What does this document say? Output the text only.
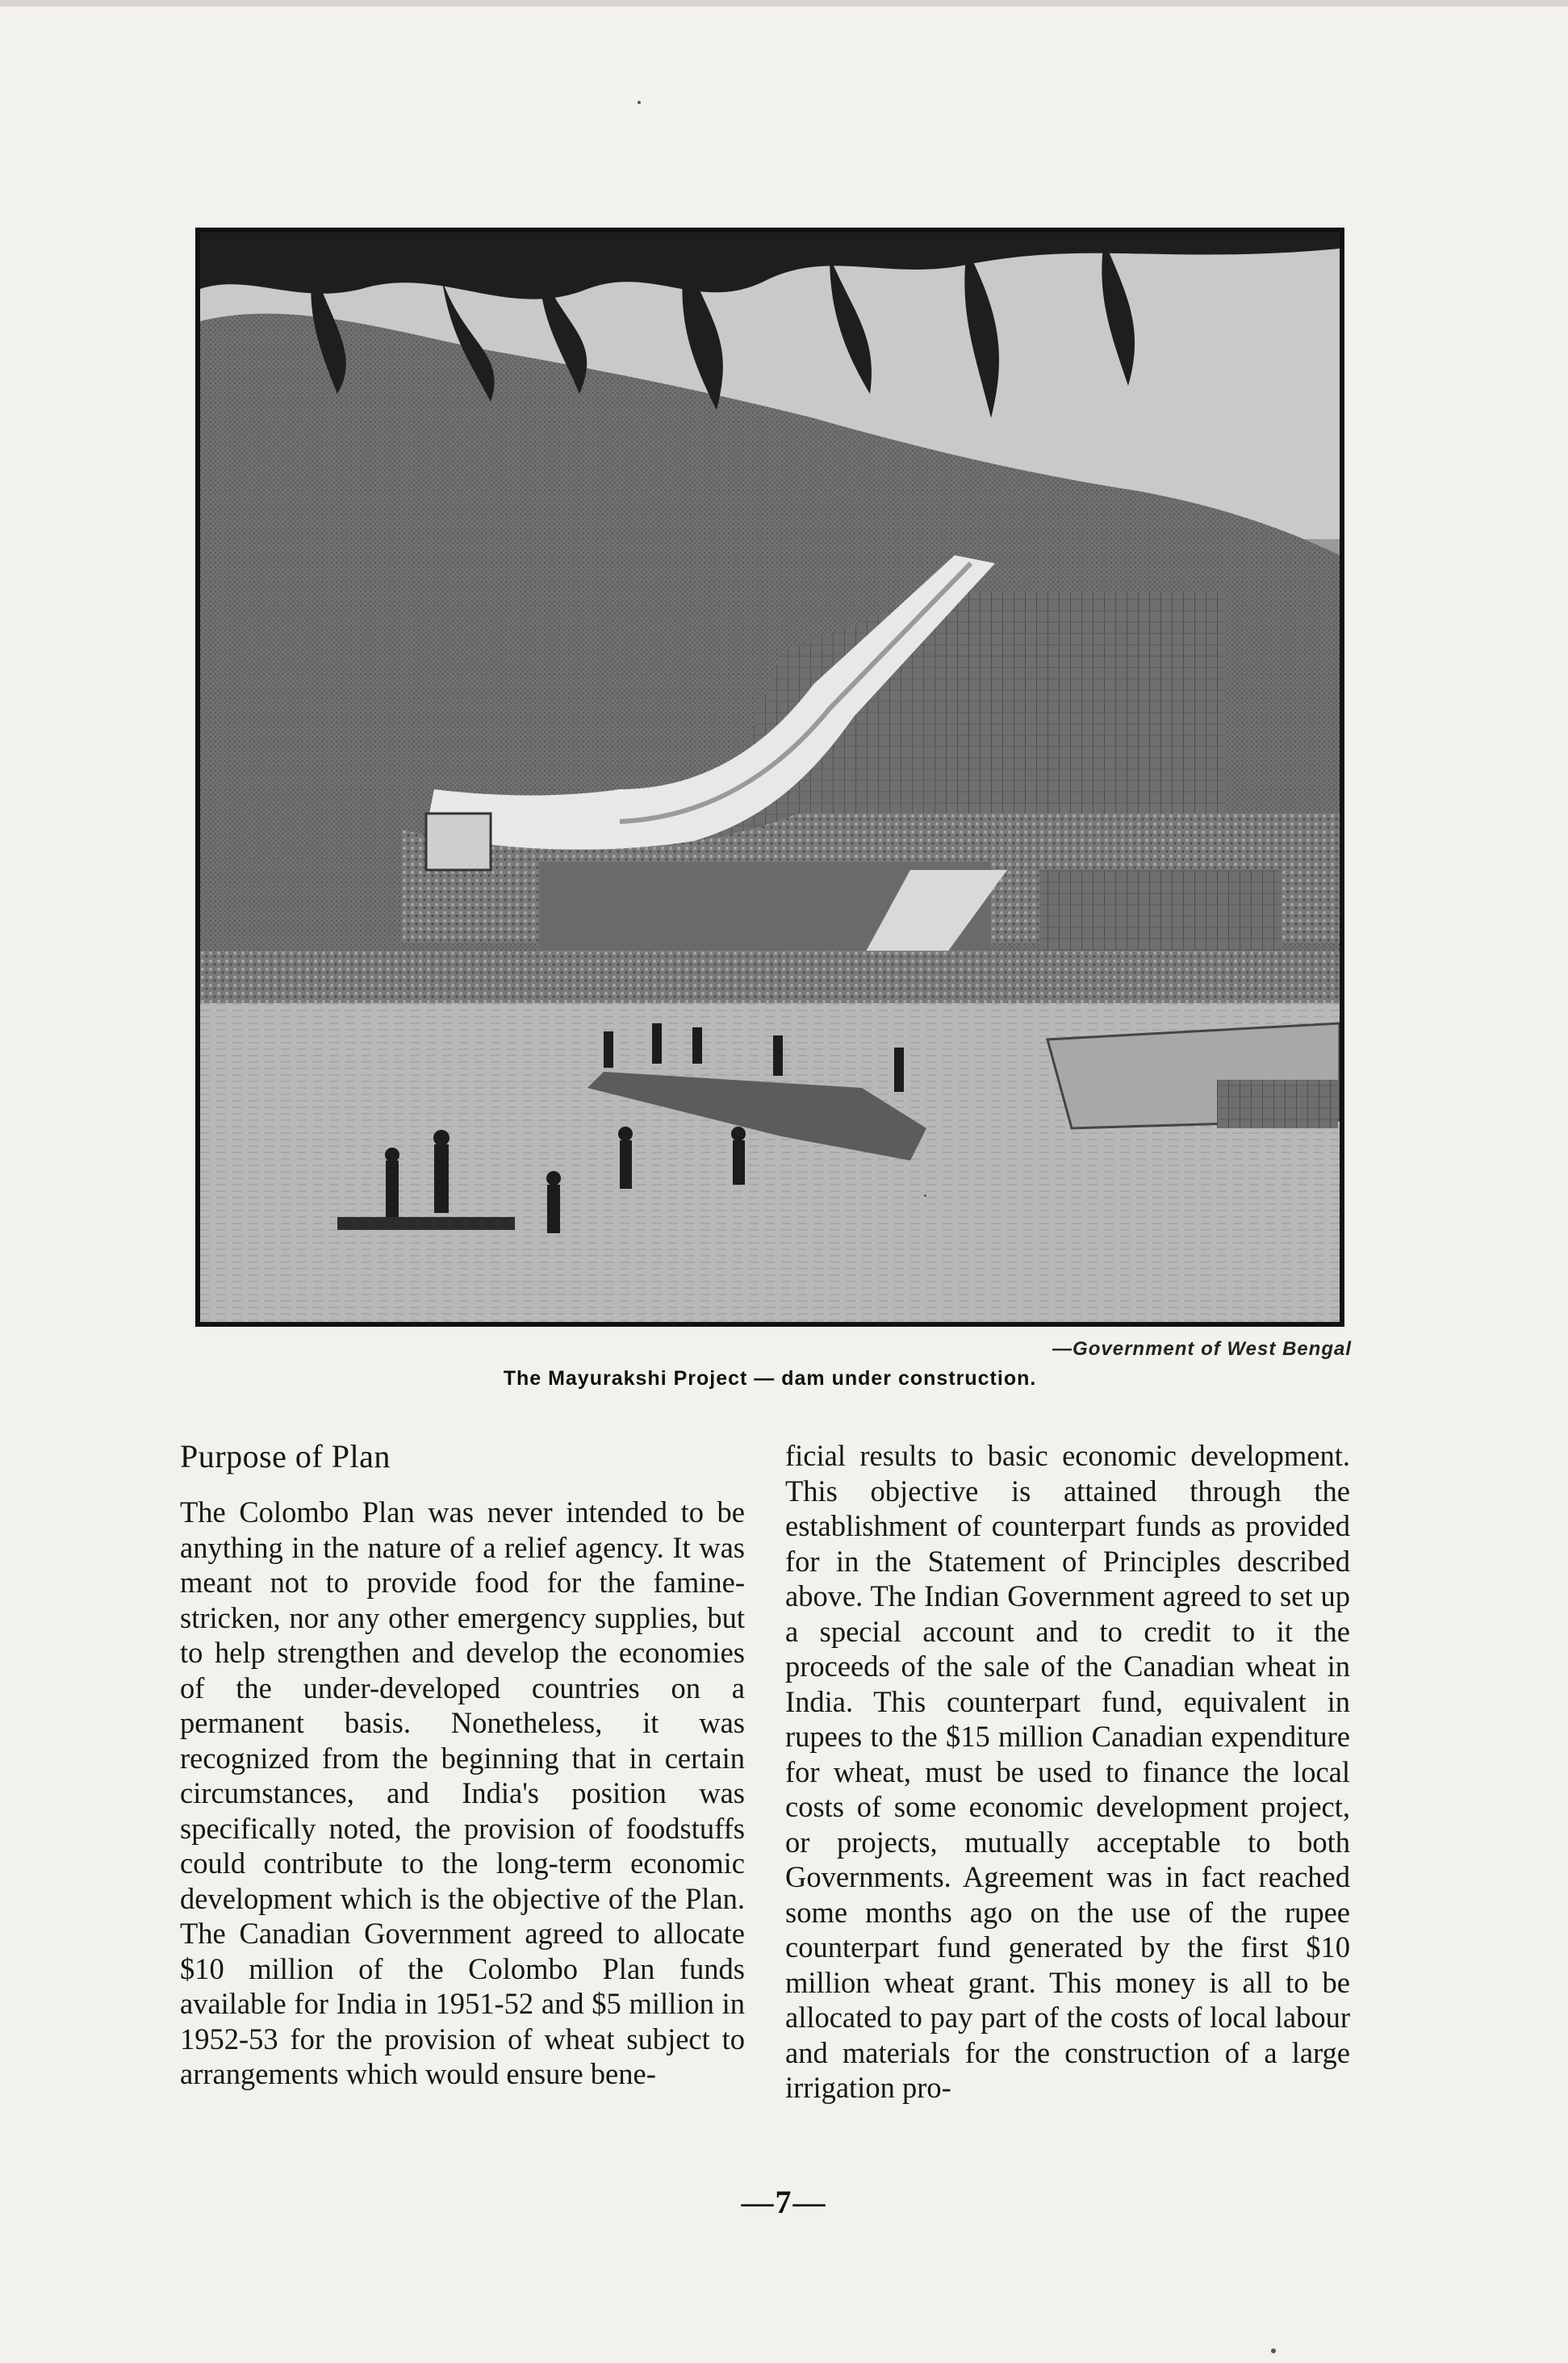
—Government of West Bengal
The Mayurakshi Project — dam under construction.
Purpose of Plan

The Colombo Plan was never intended to be anything in the nature of a relief agency. It was meant not to provide food for the famine-stricken, nor any other emergency supplies, but to help strengthen and develop the economies of the under-developed countries on a permanent basis. Nonetheless, it was recognized from the beginning that in certain circumstances, and India's position was specifically noted, the provision of foodstuffs could contribute to the long-term economic development which is the objective of the Plan. The Canadian Government agreed to allocate $10 million of the Colombo Plan funds available for India in 1951-52 and $5 million in 1952-53 for the provision of wheat subject to arrangements which would ensure bene-

ficial results to basic economic development. This objective is attained through the establishment of counterpart funds as provided for in the Statement of Principles described above. The Indian Government agreed to set up a special account and to credit to it the proceeds of the sale of the Canadian wheat in India. This counterpart fund, equivalent in rupees to the $15 million Canadian expenditure for wheat, must be used to finance the local costs of some economic development project, or projects, mutually acceptable to both Governments. Agreement was in fact reached some months ago on the use of the rupee counterpart fund generated by the first $10 million wheat grant. This money is all to be allocated to pay part of the costs of local labour and materials for the construction of a large irrigation pro-

—7—
